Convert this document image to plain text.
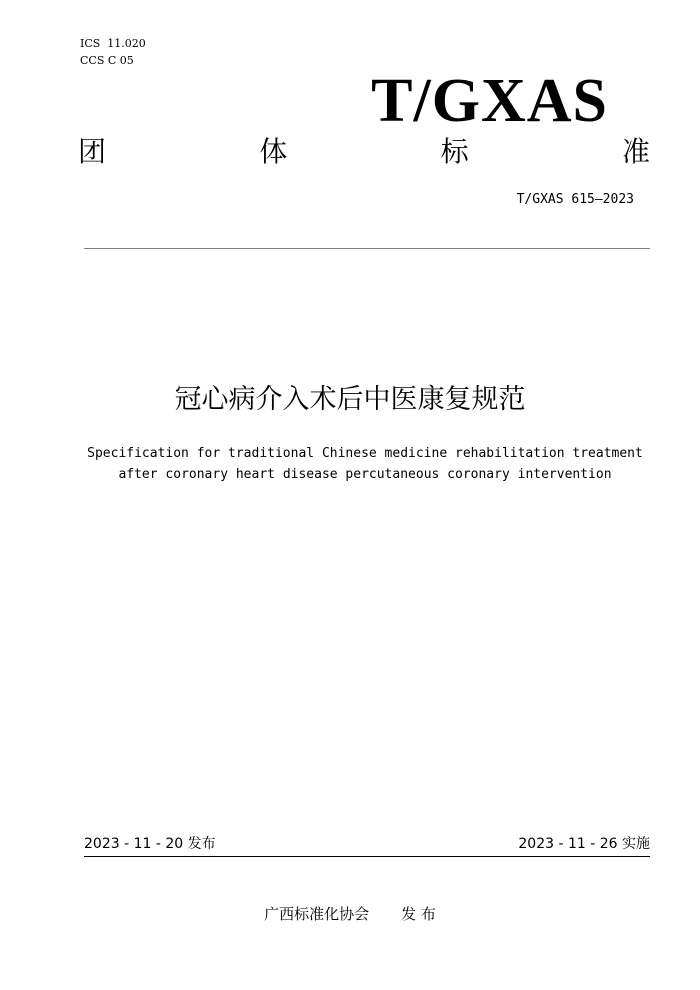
ICS  11.020
CCS C 05
T/GXAS
团	体	标	准
T/GXAS 615—2023
冠心病介入术后中医康复规范
Specification for traditional Chinese medicine rehabilitation treatment
after coronary heart disease percutaneous coronary intervention
2023 - 11 - 20 发布	2023 - 11 - 26 实施
广西标准化协会 发 布
